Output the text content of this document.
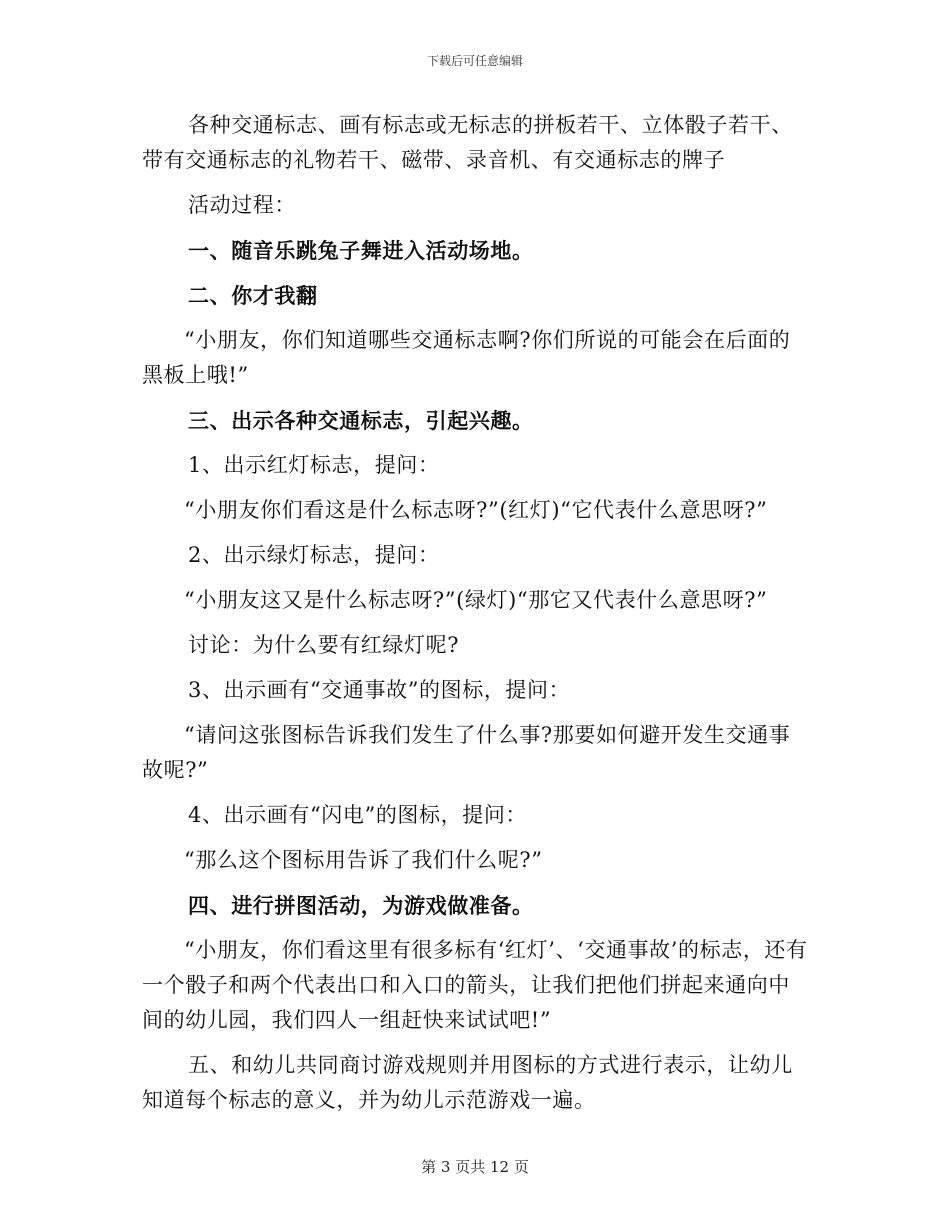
下载后可任意编辑

各种交通标志、画有标志或无标志的拼板若干、立体骰子若干、带有交通标志的礼物若干、磁带、录音机、有交通标志的牌子

活动过程：

一、随音乐跳兔子舞进入活动场地。

二、你才我翻

“小朋友，你们知道哪些交通标志啊?你们所说的可能会在后面的黑板上哦!”

三、出示各种交通标志，引起兴趣。

1、出示红灯标志，提问：

“小朋友你们看这是什么标志呀?”(红灯)“它代表什么意思呀?”

2、出示绿灯标志，提问：

“小朋友这又是什么标志呀?”(绿灯)“那它又代表什么意思呀?”

讨论：为什么要有红绿灯呢?

3、出示画有“交通事故”的图标，提问：

“请问这张图标告诉我们发生了什么事?那要如何避开发生交通事故呢?”

4、出示画有“闪电”的图标，提问：

“那么这个图标用告诉了我们什么呢?”

四、进行拼图活动，为游戏做准备。

“小朋友，你们看这里有很多标有‘红灯’、‘交通事故’的标志，还有一个骰子和两个代表出口和入口的箭头，让我们把他们拼起来通向中间的幼儿园，我们四人一组赶快来试试吧!”

五、和幼儿共同商讨游戏规则并用图标的方式进行表示，让幼儿知道每个标志的意义，并为幼儿示范游戏一遍。

第 3 页共 12 页
